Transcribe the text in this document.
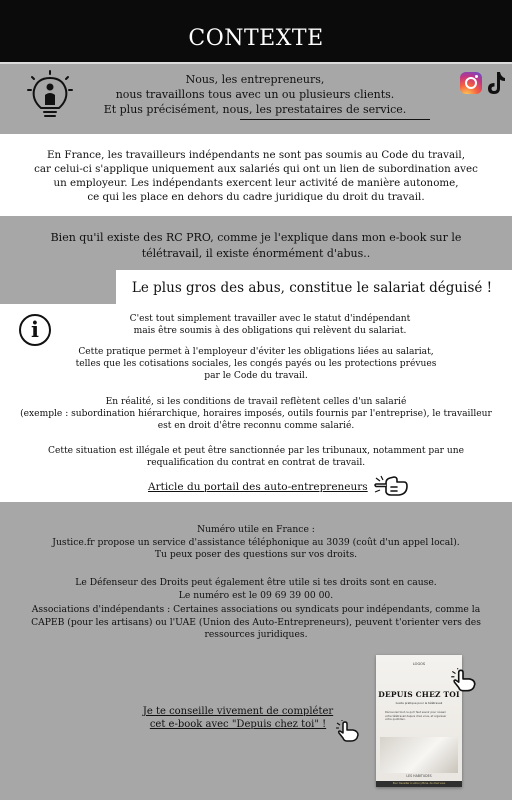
CONTEXTE
Nous, les entrepreneurs,
nous travaillons tous avec un ou plusieurs clients.
Et plus précisément, nous, les prestataires de service.
En France, les travailleurs indépendants ne sont pas soumis au Code du travail,
car celui-ci s'applique uniquement aux salariés qui ont un lien de subordination avec
un employeur. Les indépendants exercent leur activité de manière autonome,
ce qui les place en dehors du cadre juridique du droit du travail.
Bien qu'il existe des RC PRO, comme je l'explique dans mon e-book sur le
télétravail, il existe énormément d'abus..
Le plus gros des abus, constitue le salariat déguisé !
i	C'est tout simplement travailler avec le statut d'indépendant
mais être soumis à des obligations qui relèvent du salariat.
Cette pratique permet à l'employeur d'éviter les obligations liées au salariat,
telles que les cotisations sociales, les congés payés ou les protections prévues
par le Code du travail.
En réalité, si les conditions de travail reflètent celles d'un salarié
(exemple : subordination hiérarchique, horaires imposés, outils fournis par l'entreprise), le travailleur
est en droit d'être reconnu comme salarié.
Cette situation est illégale et peut être sanctionnée par les tribunaux, notamment par une
requalification du contrat en contrat de travail.
Article du portail des auto-entrepreneurs
Numéro utile en France :
Justice.fr propose un service d'assistance téléphonique au 3039 (coût d'un appel local).
Tu peux poser des questions sur vos droits.
Le Défenseur des Droits peut également être utile si tes droits sont en cause.
Le numéro est le 09 69 39 00 00.
Associations d'indépendants : Certaines associations ou syndicats pour indépendants, comme la
CAPEB (pour les artisans) ou l'UAE (Union des Auto-Entrepreneurs), peuvent t'orienter vers des
ressources juridiques.
Je te conseille vivement de compléter
cet e-book avec "Depuis chez toi" !
LOGOS
DEPUIS CHEZ TOI
Guide pratique pour le télétravail
Découvrez tout ce qu'il faut savoir pour réussir votre télétravail depuis chez vous, et organiser votre quotidien.
LES HABITUDES
Pour travailler à votre rythme, de chez vous
